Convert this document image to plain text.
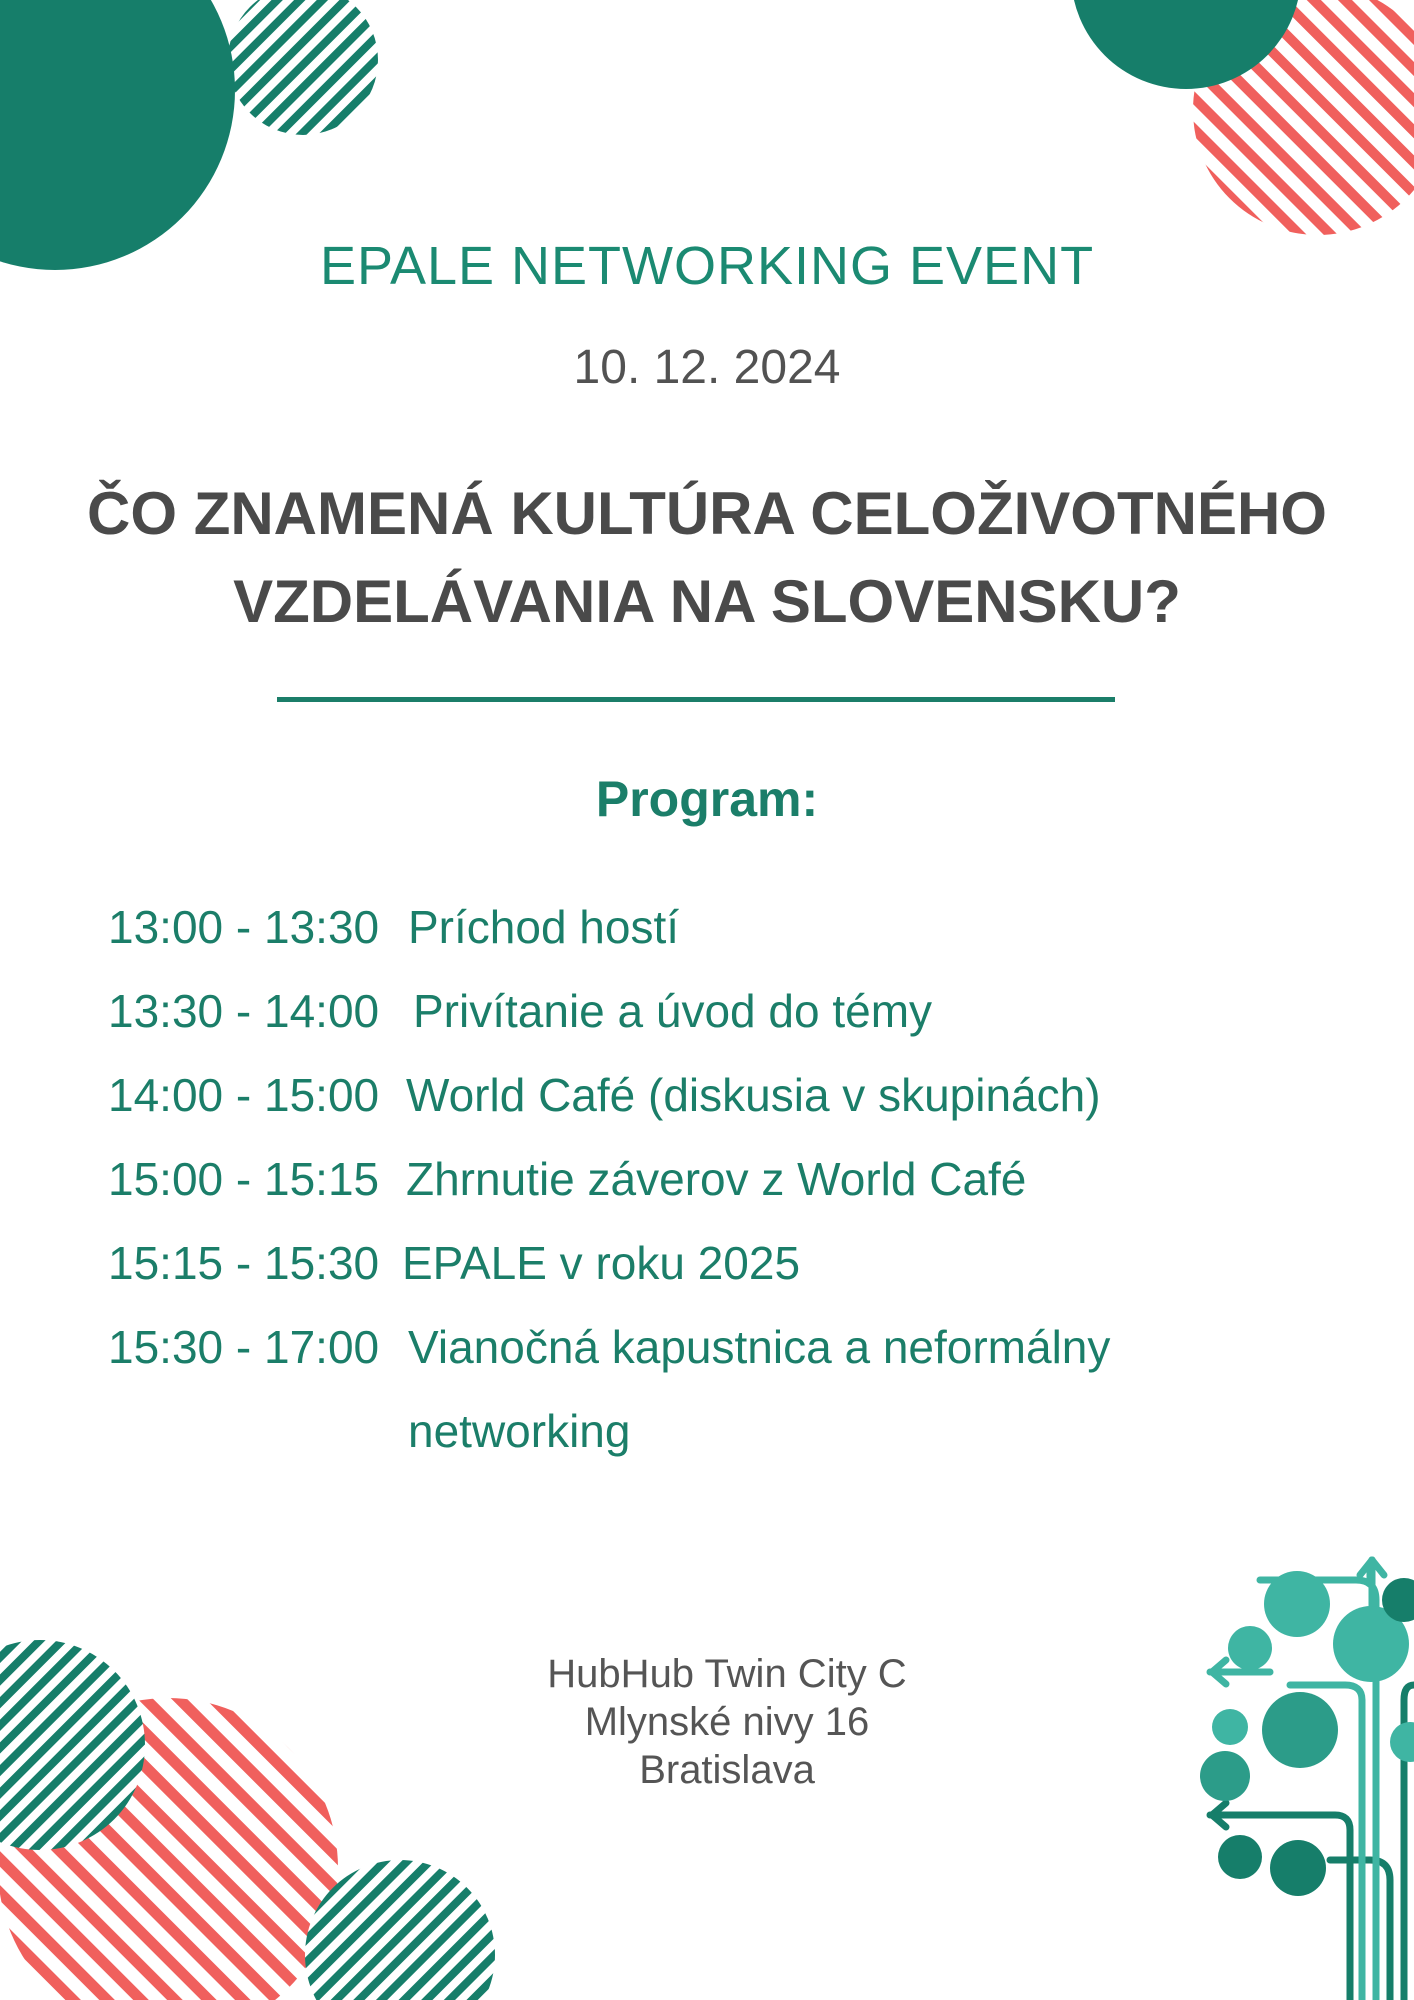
EPALE NETWORKING EVENT
10. 12. 2024
ČO ZNAMENÁ KULTÚRA CELOŽIVOTNÉHO
VZDELÁVANIA NA SLOVENSKU?
Program:
13:00 - 13:30 Príchod hostí
13:30 - 14:00 Privítanie a úvod do témy
14:00 - 15:00 World Café (diskusia v skupinách)
15:00 - 15:15 Zhrnutie záverov z World Café
15:15 - 15:30 EPALE v roku 2025
15:30 - 17:00 Vianočná kapustnica a neformálny
networking
HubHub Twin City C
Mlynské nivy 16
Bratislava
